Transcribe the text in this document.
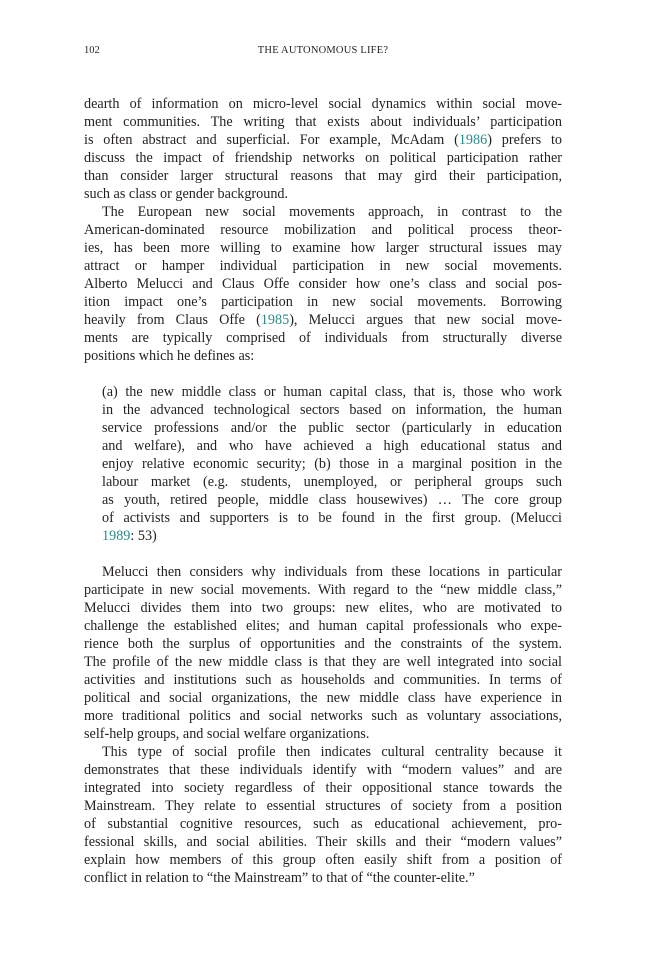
102	THE AUTONOMOUS LIFE?
dearth of information on micro-level social dynamics within social move-
ment communities. The writing that exists about individuals’ participation
is often abstract and superficial. For example, McAdam (1986) prefers to
discuss the impact of friendship networks on political participation rather
than consider larger structural reasons that may gird their participation,
such as class or gender background.
The European new social movements approach, in contrast to the
American-dominated resource mobilization and political process theor-
ies, has been more willing to examine how larger structural issues may
attract or hamper individual participation in new social movements.
Alberto Melucci and Claus Offe consider how one’s class and social pos-
ition impact one’s participation in new social movements. Borrowing
heavily from Claus Offe (1985), Melucci argues that new social move-
ments are typically comprised of individuals from structurally diverse
positions which he defines as:
(a) the new middle class or human capital class, that is, those who work
in the advanced technological sectors based on information, the human
service professions and/or the public sector (particularly in education
and welfare), and who have achieved a high educational status and
enjoy relative economic security; (b) those in a marginal position in the
labour market (e.g. students, unemployed, or peripheral groups such
as youth, retired people, middle class housewives) … The core group
of activists and supporters is to be found in the first group. (Melucci
1989: 53)
Melucci then considers why individuals from these locations in particular
participate in new social movements. With regard to the “new middle class,”
Melucci divides them into two groups: new elites, who are motivated to
challenge the established elites; and human capital professionals who expe-
rience both the surplus of opportunities and the constraints of the system.
The profile of the new middle class is that they are well integrated into social
activities and institutions such as households and communities. In terms of
political and social organizations, the new middle class have experience in
more traditional politics and social networks such as voluntary associations,
self-help groups, and social welfare organizations.
This type of social profile then indicates cultural centrality because it
demonstrates that these individuals identify with “modern values” and are
integrated into society regardless of their oppositional stance towards the
Mainstream. They relate to essential structures of society from a position
of substantial cognitive resources, such as educational achievement, pro-
fessional skills, and social abilities. Their skills and their “modern values”
explain how members of this group often easily shift from a position of
conflict in relation to “the Mainstream” to that of “the counter-elite.”
